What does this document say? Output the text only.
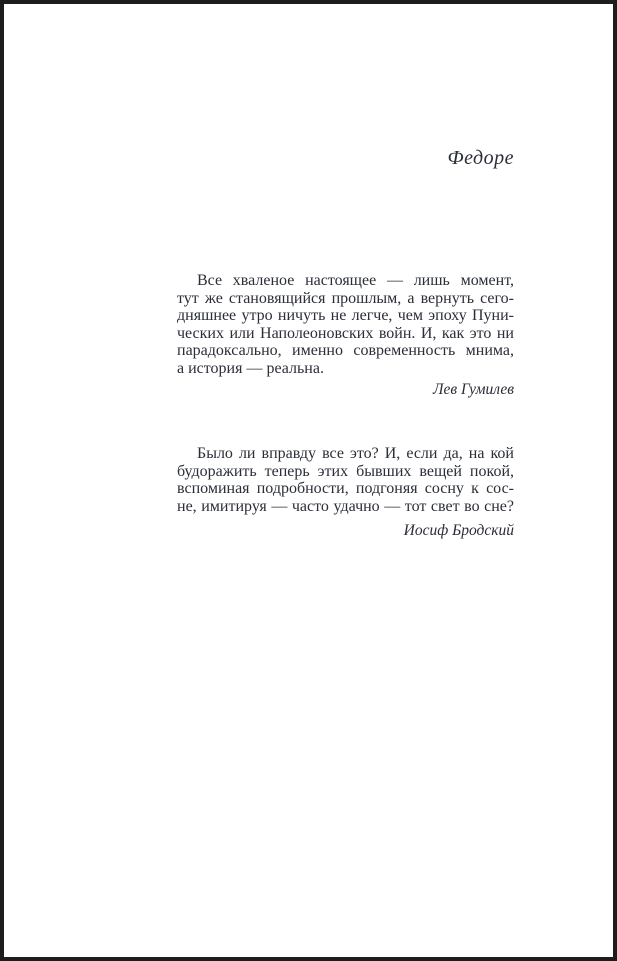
Федоре
Все хваленое настоящее — лишь момент,
тут же становящийся прошлым, а вернуть сего-
дняшнее утро ничуть не легче, чем эпоху Пуни-
ческих или Наполеоновских войн. И, как это ни
парадоксально, именно современность мнима,
а история — реальна.
Лев Гумилев
Было ли вправду все это? И, если да, на кой
будоражить теперь этих бывших вещей покой,
вспоминая подробности, подгоняя сосну к сос-
не, имитируя — часто удачно — тот свет во сне?
Иосиф Бродский
